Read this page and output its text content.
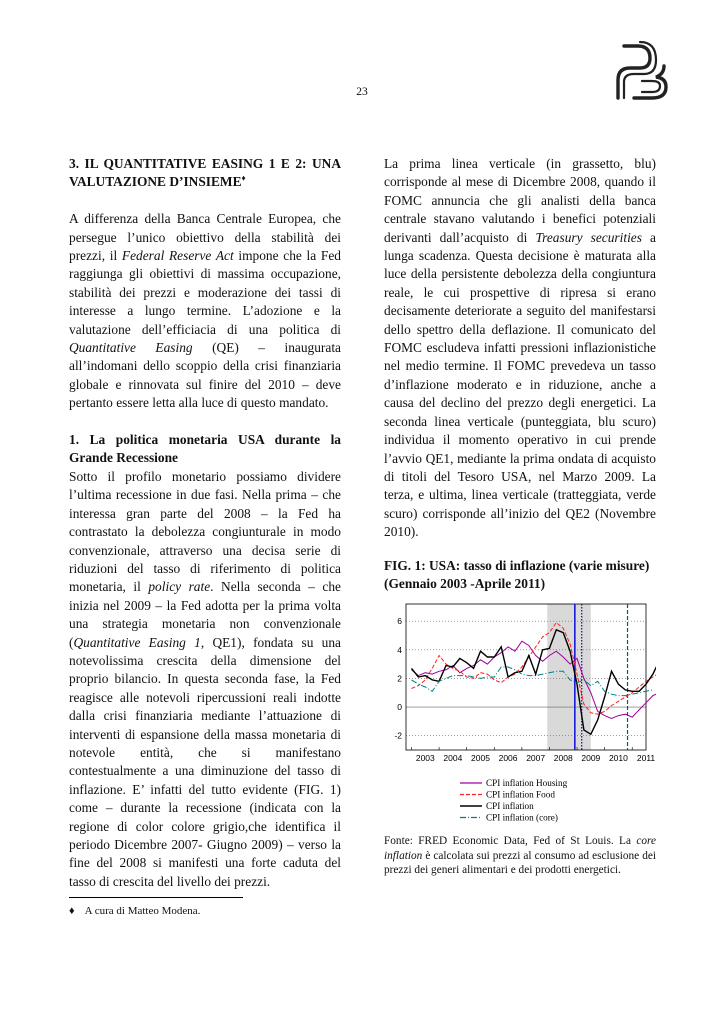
23

3. IL QUANTITATIVE EASING 1 E 2: UNA VALUTAZIONE D’INSIEME♦

A differenza della Banca Centrale Europea, che persegue l’unico obiettivo della stabilità dei prezzi, il Federal Reserve Act impone che la Fed raggiunga gli obiettivi di massima occupazione, stabilità dei prezzi e moderazione dei tassi di interesse a lungo termine. L’adozione e la valutazione dell’efficiacia di una politica di Quantitative Easing (QE) – inaugurata all’indomani dello scoppio della crisi finanziaria globale e rinnovata sul finire del 2010 – deve pertanto essere letta alla luce di questo mandato.

1. La politica monetaria USA durante la Grande Recessione

Sotto il profilo monetario possiamo dividere l’ultima recessione in due fasi. Nella prima – che interessa gran parte del 2008 – la Fed ha contrastato la debolezza congiunturale in modo convenzionale, attraverso una decisa serie di riduzioni del tasso di riferimento di politica monetaria, il policy rate. Nella seconda – che inizia nel 2009 – la Fed adotta per la prima volta una strategia monetaria non convenzionale (Quantitative Easing 1, QE1), fondata su una notevolissima crescita della dimensione del proprio bilancio. In questa seconda fase, la Fed reagisce alle notevoli ripercussioni reali indotte dalla crisi finanziaria mediante l’attuazione di interventi di espansione della massa monetaria di notevole entità, che si manifestano contestualmente a una diminuzione del tasso di inflazione. E’ infatti del tutto evidente (FIG. 1) come – durante la recessione (indicata con la regione di color colore grigio,che identifica il periodo Dicembre 2007- Giugno 2009) – verso la fine del 2008 si manifesti una forte caduta del tasso di crescita del livello dei prezzi.

La prima linea verticale (in grassetto, blu) corrisponde al mese di Dicembre 2008, quando il FOMC annuncia che gli analisti della banca centrale stavano valutando i benefici potenziali derivanti dall’acquisto di Treasury securities a lunga scadenza. Questa decisione è maturata alla luce della persistente debolezza della congiuntura reale, le cui prospettive di ripresa si erano decisamente deteriorate a seguito del manifestarsi dello spettro della deflazione. Il comunicato del FOMC escludeva infatti pressioni inflazionistiche nel medio termine. Il FOMC prevedeva un tasso d’inflazione moderato e in riduzione, anche a causa del declino del prezzo degli energetici. La seconda linea verticale (punteggiata, blu scuro) individua il momento operativo in cui prende l’avvio QE1, mediante la prima ondata di acquisto di titoli del Tesoro USA, nel Marzo 2009. La terza, e ultima, linea verticale (tratteggiata, verde scuro) corrisponde all’inizio del QE2 (Novembre 2010).

FIG. 1: USA: tasso di inflazione (varie misure) (Gennaio 2003 -Aprile 2011)
-2
0
2
4
6
2003 2004 2005 2006 2007 2008 2009 2010 2011
CPI inflation Housing
CPI inflation Food
CPI inflation
CPI inflation (core)
Fonte: FRED Economic Data, Fed of St Louis. La core inflation è calcolata sui prezzi al consumo ad esclusione dei prezzi dei generi alimentari e dei prodotti energetici.
♦ A cura di Matteo Modena.
